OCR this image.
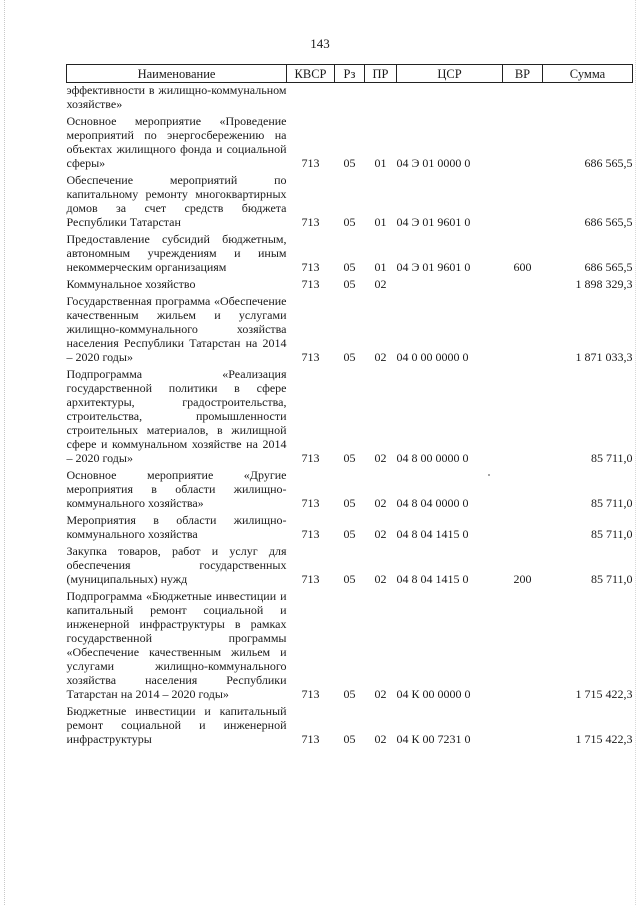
143
Наименование	КВСР	Рз	ПР	ЦСР	ВР	Сумма
эффективности в жилищно-коммунальном хозяйстве»						
Основное мероприятие «Проведение мероприятий по энергосбережению на объектах жилищного фонда и социальной сферы»	713	05	01	04 Э 01 0000 0		686 565,5
Обеспечение мероприятий по капитальному ремонту многоквартирных домов за счет средств бюджета Республики Татарстан	713	05	01	04 Э 01 9601 0		686 565,5
Предоставление субсидий бюджетным, автономным учреждениям и иным некоммерческим организациям	713	05	01	04 Э 01 9601 0	600	686 565,5
Коммунальное хозяйство	713	05	02			1 898 329,3
Государственная программа «Обеспечение качественным жильем и услугами жилищно-коммунального хозяйства населения Республики Татарстан на 2014 – 2020 годы»	713	05	02	04 0 00 0000 0		1 871 033,3
Подпрограмма «Реализация государственной политики в сфере архитектуры, градостроительства, строительства, промышленности строительных материалов, в жилищной сфере и коммунальном хозяйстве на 2014 – 2020 годы»	713	05	02	04 8 00 0000 0		85 711,0
Основное мероприятие «Другие мероприятия в области жилищно-коммунального хозяйства»	713	05	02	04 8 04 0000 0		85 711,0
Мероприятия в области жилищно-коммунального хозяйства	713	05	02	04 8 04 1415 0		85 711,0
Закупка товаров, работ и услуг для обеспечения государственных (муниципальных) нужд	713	05	02	04 8 04 1415 0	200	85 711,0
Подпрограмма «Бюджетные инвестиции и капитальный ремонт социальной и инженерной инфраструктуры в рамках государственной программы «Обеспечение качественным жильем и услугами жилищно-коммунального хозяйства населения Республики Татарстан на 2014 – 2020 годы»	713	05	02	04 К 00 0000 0		1 715 422,3
Бюджетные инвестиции и капитальный ремонт социальной и инженерной инфраструктуры	713	05	02	04 К 00 7231 0		1 715 422,3
